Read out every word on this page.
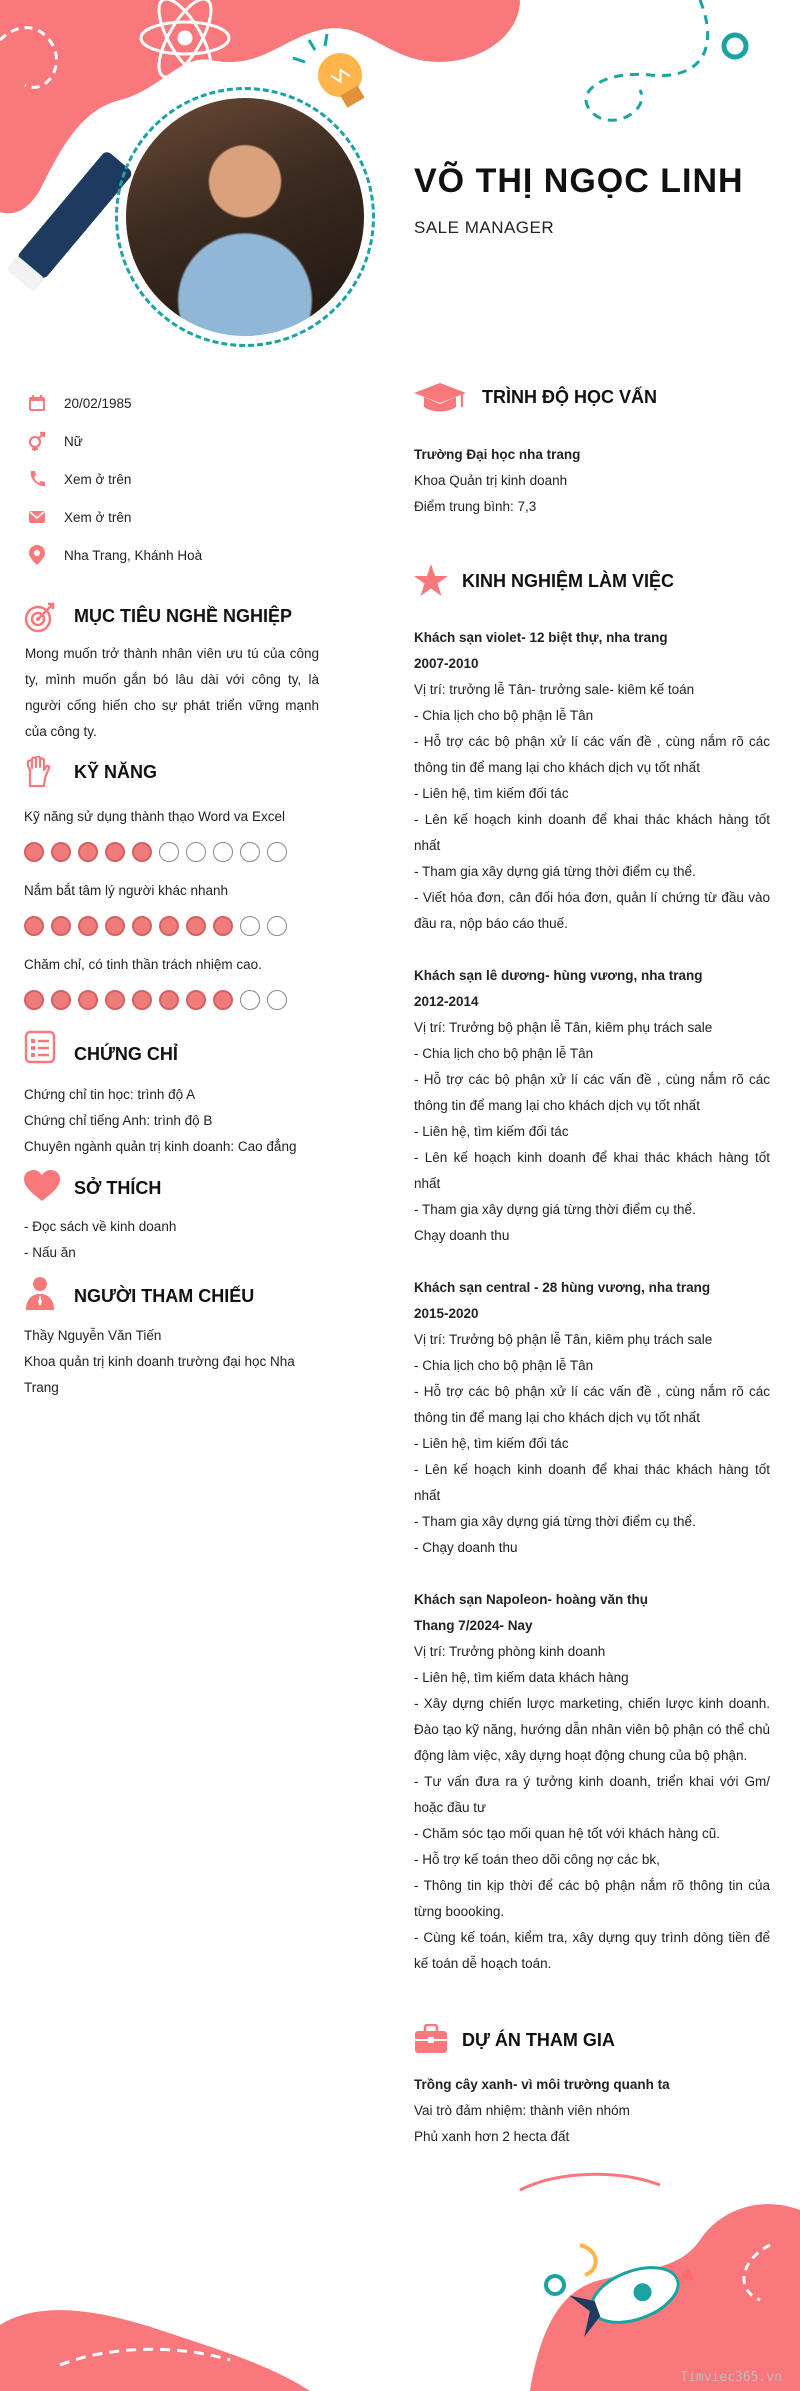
VÕ THỊ NGỌC LINH
SALE MANAGER
20/02/1985
Nữ
Xem ở trên
Xem ở trên
Nha Trang, Khánh Hoà
MỤC TIÊU NGHỀ NGHIỆP
Mong muốn trở thành nhân viên ưu tú của công ty, mình muốn gắn bó lâu dài với công ty, là người cống hiến cho sự phát triển vững mạnh của công ty.
KỸ NĂNG
Kỹ năng sử dụng thành thạo Word va Excel
Nắm bắt tâm lý người khác nhanh
Chăm chỉ, có tinh thần trách nhiệm cao.
CHỨNG CHỈ

Chứng chỉ tin học: trình độ A

Chứng chỉ tiếng Anh: trình độ B

Chuyên ngành quản trị kinh doanh: Cao đẳng

SỞ THÍCH

- Đọc sách về kinh doanh

- Nấu ăn

NGƯỜI THAM CHIẾU

Thầy Nguyễn Văn Tiến

Khoa quản trị kinh doanh trường đại học Nha Trang

TRÌNH ĐỘ HỌC VẤN

Trường Đại học nha trang

Khoa Quản trị kinh doanh

Điểm trung bình: 7,3

KINH NGHIỆM LÀM VIỆC

Khách sạn violet- 12 biệt thự, nha trang

2007-2010

Vị trí: trưởng lễ Tân- trưởng sale- kiêm kế toán

- Chia lịch cho bộ phận lễ Tân

- Hỗ trợ các bộ phận xử lí các vấn đề , cùng nắm rõ các thông tin để mang lại cho khách dịch vụ tốt nhất

- Liên hệ, tìm kiếm đối tác

- Lên kế hoạch kinh doanh để khai thác khách hàng tốt nhất

- Tham gia xây dựng giá từng thời điểm cụ thể.

- Viết hóa đơn, cân đối hóa đơn, quản lí chứng từ đầu vào đầu ra, nộp báo cáo thuế.

Khách sạn lê dương- hùng vương, nha trang

2012-2014

Vị trí: Trưởng bộ phận lễ Tân, kiêm phụ trách sale

- Chia lịch cho bộ phận lễ Tân

- Hỗ trợ các bộ phận xử lí các vấn đề , cùng nắm rõ các thông tin để mang lại cho khách dịch vụ tốt nhất

- Liên hệ, tìm kiếm đối tác

- Lên kế hoạch kinh doanh để khai thác khách hàng tốt nhất

- Tham gia xây dựng giá từng thời điểm cụ thể.

Chạy doanh thu

Khách sạn central - 28 hùng vương, nha trang

2015-2020

Vị trí: Trưởng bộ phận lễ Tân, kiêm phụ trách sale

- Chia lịch cho bộ phận lễ Tân

- Hỗ trợ các bộ phận xử lí các vấn đề , cùng nắm rõ các thông tin để mang lại cho khách dịch vụ tốt nhất

- Liên hệ, tìm kiếm đối tác

- Lên kế hoạch kinh doanh để khai thác khách hàng tốt nhất

- Tham gia xây dựng giá từng thời điểm cụ thể.

- Chạy doanh thu

Khách sạn Napoleon- hoàng văn thụ

Thang 7/2024- Nay

Vị trí: Trưởng phòng kinh doanh

- Liên hệ, tìm kiếm data khách hàng

- Xây dựng chiến lược marketing, chiến lược kinh doanh. Đào tạo kỹ năng, hướng dẫn nhân viên bộ phận có thể chủ động làm việc, xây dựng hoạt động chung của bộ phận.

- Tư vấn đưa ra ý tưởng kinh doanh, triển khai với Gm/ hoặc đầu tư

- Chăm sóc tạo mối quan hệ tốt với khách hàng cũ.

- Hỗ trợ kế toán theo dõi công nợ các bk,

- Thông tin kịp thời để các bộ phận nắm rõ thông tin của từng boooking.

- Cùng kế toán, kiểm tra, xây dựng quy trình dòng tiền để kế toán dễ hoạch toán.

DỰ ÁN THAM GIA

Trồng cây xanh- vì môi trường quanh ta

Vai trò đảm nhiệm: thành viên nhóm

Phủ xanh hơn 2 hecta đất

Timviec365.vn
